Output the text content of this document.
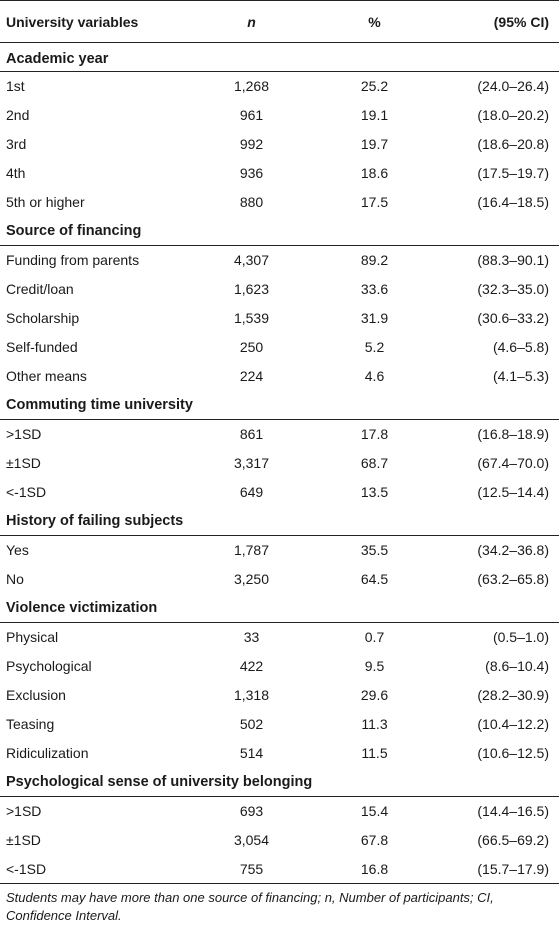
University variables	n	%	(95% CI)
Academic year			
1st	1,268	25.2	(24.0–26.4)
2nd	961	19.1	(18.0–20.2)
3rd	992	19.7	(18.6–20.8)
4th	936	18.6	(17.5–19.7)
5th or higher	880	17.5	(16.4–18.5)
Source of financing			
Funding from parents	4,307	89.2	(88.3–90.1)
Credit/loan	1,623	33.6	(32.3–35.0)
Scholarship	1,539	31.9	(30.6–33.2)
Self-funded	250	5.2	(4.6–5.8)
Other means	224	4.6	(4.1–5.3)
Commuting time university			
>1SD	861	17.8	(16.8–18.9)
±1SD	3,317	68.7	(67.4–70.0)
<-1SD	649	13.5	(12.5–14.4)
History of failing subjects			
Yes	1,787	35.5	(34.2–36.8)
No	3,250	64.5	(63.2–65.8)
Violence victimization			
Physical	33	0.7	(0.5–1.0)
Psychological	422	9.5	(8.6–10.4)
Exclusion	1,318	29.6	(28.2–30.9)
Teasing	502	11.3	(10.4–12.2)
Ridiculization	514	11.5	(10.6–12.5)
Psychological sense of university belonging			
>1SD	693	15.4	(14.4–16.5)
±1SD	3,054	67.8	(66.5–69.2)
<-1SD	755	16.8	(15.7–17.9)
Students may have more than one source of financing; n, Number of participants; CI, Confidence Interval.
